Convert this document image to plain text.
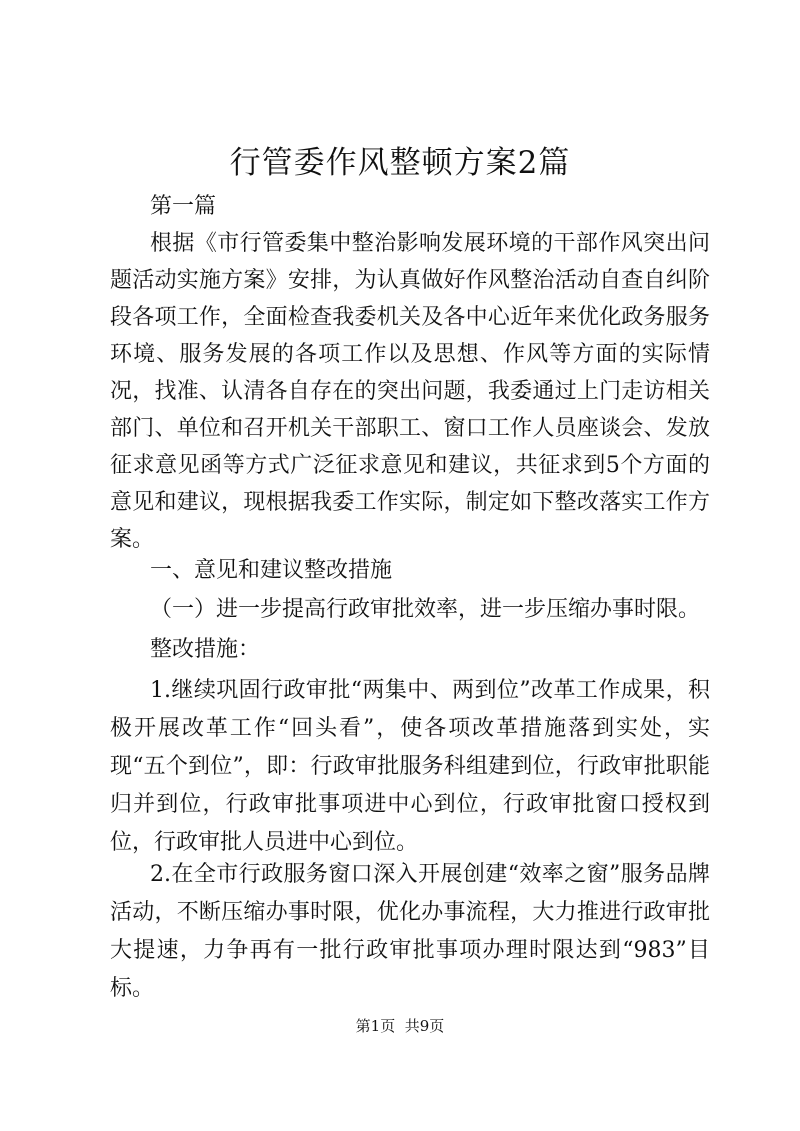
行管委作风整顿方案2篇

第一篇

根据《市行管委集中整治影响发展环境的干部作风突出问题活动实施方案》安排，为认真做好作风整治活动自查自纠阶段各项工作，全面检查我委机关及各中心近年来优化政务服务环境、服务发展的各项工作以及思想、作风等方面的实际情况，找准、认清各自存在的突出问题，我委通过上门走访相关部门、单位和召开机关干部职工、窗口工作人员座谈会、发放征求意见函等方式广泛征求意见和建议，共征求到5个方面的意见和建议，现根据我委工作实际，制定如下整改落实工作方案。

一、意见和建议整改措施

（一）进一步提高行政审批效率，进一步压缩办事时限。

整改措施：

1.继续巩固行政审批“两集中、两到位”改革工作成果，积极开展改革工作“回头看”，使各项改革措施落到实处，实现“五个到位”，即：行政审批服务科组建到位，行政审批职能归并到位，行政审批事项进中心到位，行政审批窗口授权到位，行政审批人员进中心到位。

2.在全市行政服务窗口深入开展创建“效率之窗”服务品牌活动，不断压缩办事时限，优化办事流程，大力推进行政审批大提速，力争再有一批行政审批事项办理时限达到“983”目标。

第1页 共9页
